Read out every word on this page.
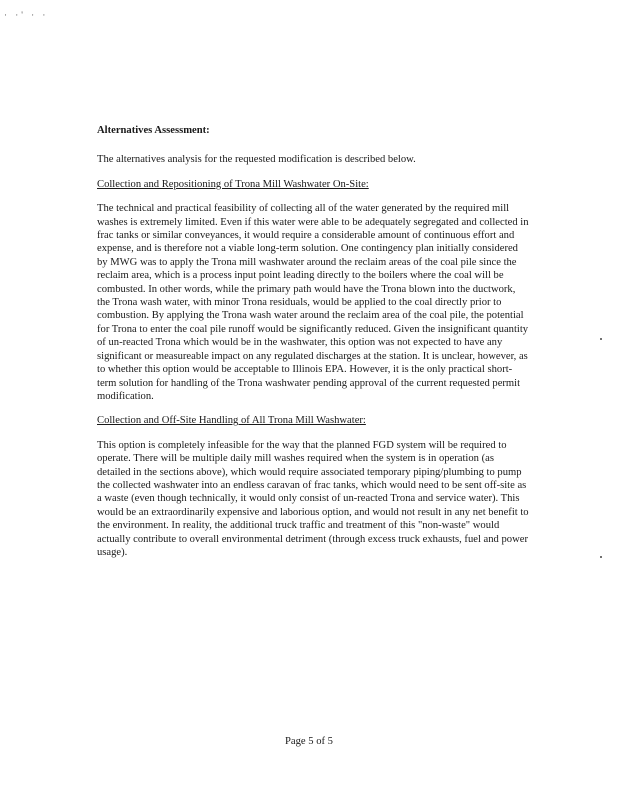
· ·' · ·

Alternatives Assessment:

The alternatives analysis for the requested modification is described below.

Collection and Repositioning of Trona Mill Washwater On-Site:

The technical and practical feasibility of collecting all of the water generated by the required mill washes is extremely limited. Even if this water were able to be adequately segregated and collected in frac tanks or similar conveyances, it would require a considerable amount of continuous effort and expense, and is therefore not a viable long-term solution. One contingency plan initially considered by MWG was to apply the Trona mill washwater around the reclaim areas of the coal pile since the reclaim area, which is a process input point leading directly to the boilers where the coal will be combusted. In other words, while the primary path would have the Trona blown into the ductwork, the Trona wash water, with minor Trona residuals, would be applied to the coal directly prior to combustion. By applying the Trona wash water around the reclaim area of the coal pile, the potential for Trona to enter the coal pile runoff would be significantly reduced. Given the insignificant quantity of un-reacted Trona which would be in the washwater, this option was not expected to have any significant or measureable impact on any regulated discharges at the station. It is unclear, however, as to whether this option would be acceptable to Illinois EPA. However, it is the only practical short-term solution for handling of the Trona washwater pending approval of the current requested permit modification.

Collection and Off-Site Handling of All Trona Mill Washwater:

This option is completely infeasible for the way that the planned FGD system will be required to operate. There will be multiple daily mill washes required when the system is in operation (as detailed in the sections above), which would require associated temporary piping/plumbing to pump the collected washwater into an endless caravan of frac tanks, which would need to be sent off-site as a waste (even though technically, it would only consist of un-reacted Trona and service water). This would be an extraordinarily expensive and laborious option, and would not result in any net benefit to the environment. In reality, the additional truck traffic and treatment of this "non-waste" would actually contribute to overall environmental detriment (through excess truck exhausts, fuel and power usage).

Page 5 of 5
